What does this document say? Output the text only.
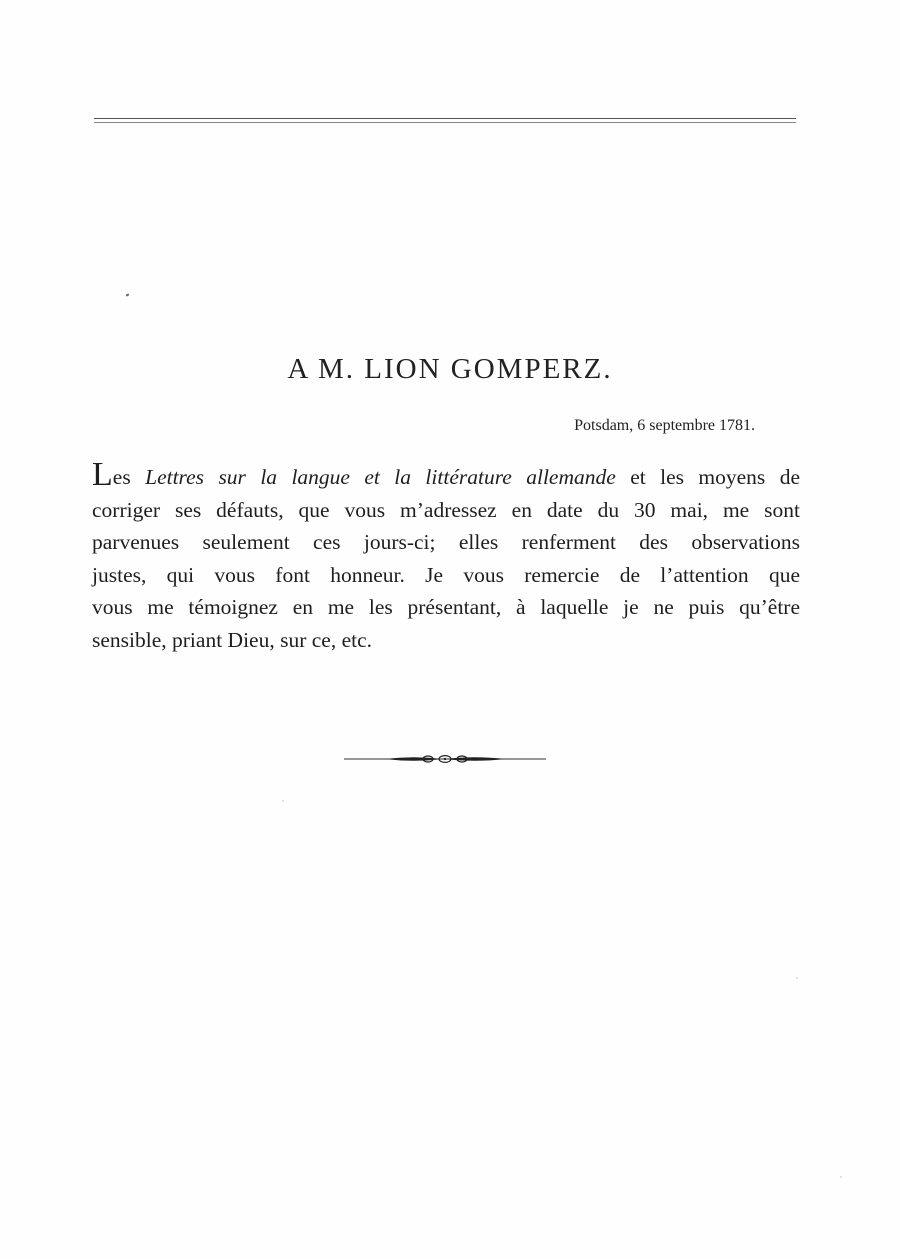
A M. LION GOMPERZ.
Potsdam, 6 septembre 1781.
Les Lettres sur la langue et la littérature allemande et les moyens de
corriger ses défauts, que vous m’adressez en date du 30 mai, me sont
parvenues seulement ces jours-ci; elles renferment des observations
justes, qui vous font honneur. Je vous remercie de l’attention que
vous me témoignez en me les présentant, à laquelle je ne puis qu’être
sensible, priant Dieu, sur ce, etc.
